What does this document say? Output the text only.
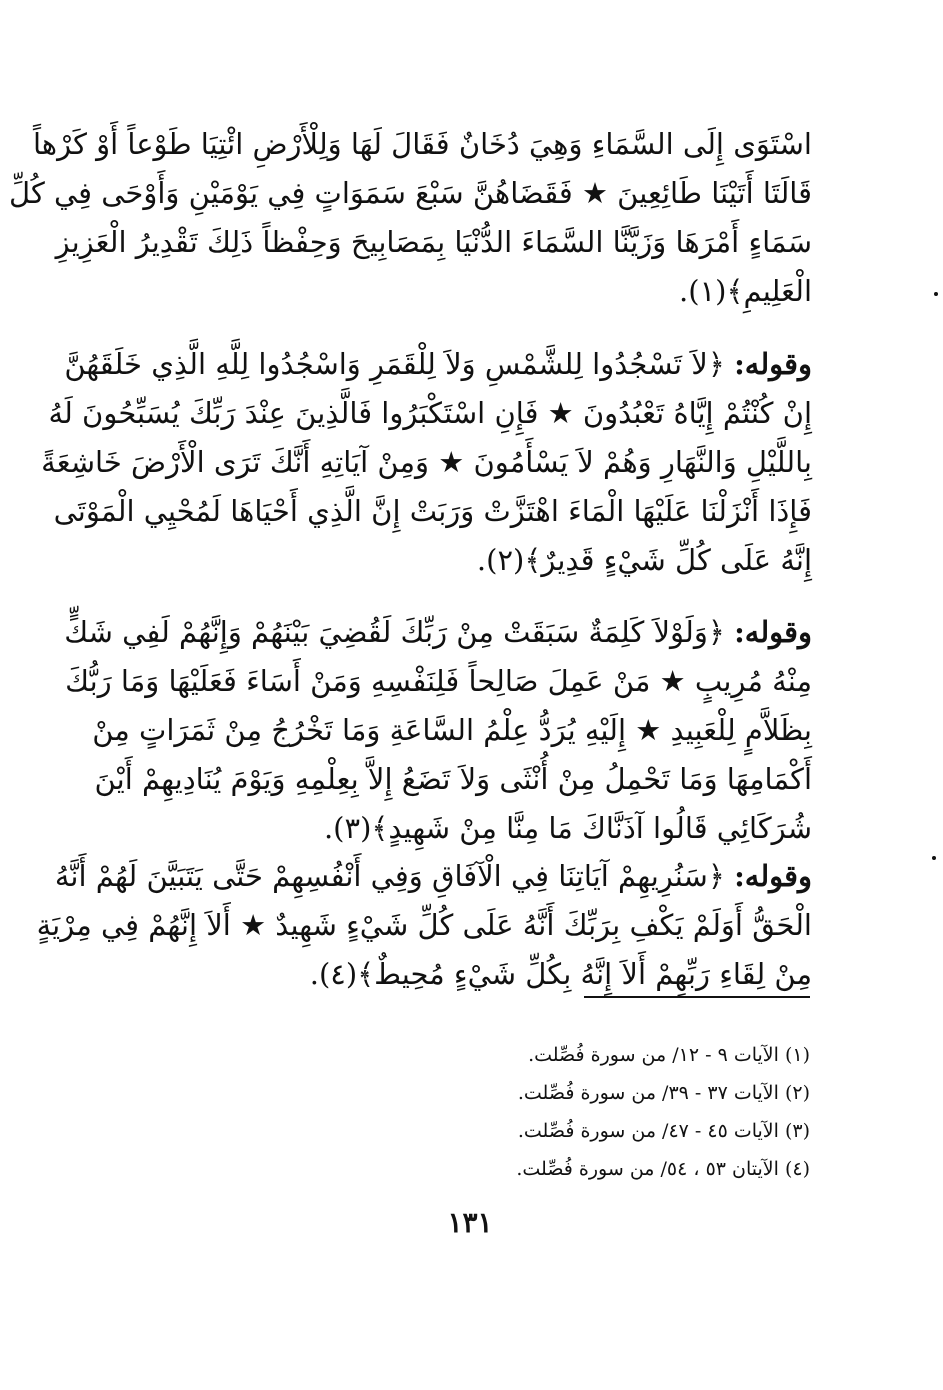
اسْتَوَى إِلَى السَّمَاءِ وَهِيَ دُخَانٌ فَقَالَ لَهَا وَلِلْأَرْضِ ائْتِيَا طَوْعاً أَوْ كَرْهاً
قَالَتَا أَتَيْنَا طَائِعِينَ ★ فَقَضَاهُنَّ سَبْعَ سَمَوَاتٍ فِي يَوْمَيْنِ وَأَوْحَى فِي كُلِّ
سَمَاءٍ أَمْرَهَا وَزَيَّنَّا السَّمَاءَ الدُّنْيَا بِمَصَابِيحَ وَحِفْظاً ذَلِكَ تَقْدِيرُ الْعَزِيزِ
الْعَلِيمِ﴾(١).
وقوله: ﴿لاَ تَسْجُدُوا لِلشَّمْسِ وَلاَ لِلْقَمَرِ وَاسْجُدُوا لِلَّهِ الَّذِي خَلَقَهُنَّ
إِنْ كُنْتُمْ إِيَّاهُ تَعْبُدُونَ ★ فَإِنِ اسْتَكْبَرُوا فَالَّذِينَ عِنْدَ رَبِّكَ يُسَبِّحُونَ لَهُ
بِاللَّيْلِ وَالنَّهَارِ وَهُمْ لاَ يَسْأَمُونَ ★ وَمِنْ آيَاتِهِ أَنَّكَ تَرَى الْأَرْضَ خَاشِعَةً
فَإِذَا أَنْزَلْنَا عَلَيْهَا الْمَاءَ اهْتَزَّتْ وَرَبَتْ إِنَّ الَّذِي أَحْيَاهَا لَمُحْيِي الْمَوْتَى
إِنَّهُ عَلَى كُلِّ شَيْءٍ قَدِيرٌ﴾(٢).
وقوله: ﴿وَلَوْلاَ كَلِمَةٌ سَبَقَتْ مِنْ رَبِّكَ لَقُضِيَ بَيْنَهُمْ وَإِنَّهُمْ لَفِي شَكٍّ
مِنْهُ مُرِيبٍ ★ مَنْ عَمِلَ صَالِحاً فَلِنَفْسِهِ وَمَنْ أَسَاءَ فَعَلَيْهَا وَمَا رَبُّكَ
بِظَلاَّمٍ لِلْعَبِيدِ ★ إِلَيْهِ يُرَدُّ عِلْمُ السَّاعَةِ وَمَا تَخْرُجُ مِنْ ثَمَرَاتٍ مِنْ
أَكْمَامِهَا وَمَا تَحْمِلُ مِنْ أُنْثَى وَلاَ تَضَعُ إِلاَّ بِعِلْمِهِ وَيَوْمَ يُنَادِيهِمْ أَيْنَ
شُرَكَائِي قَالُوا آذَنَّاكَ مَا مِنَّا مِنْ شَهِيدٍ﴾(٣).
وقوله: ﴿سَنُرِيهِمْ آيَاتِنَا فِي الْآفَاقِ وَفِي أَنْفُسِهِمْ حَتَّى يَتَبَيَّنَ لَهُمْ أَنَّهُ
الْحَقُّ أَوَلَمْ يَكْفِ بِرَبِّكَ أَنَّهُ عَلَى كُلِّ شَيْءٍ شَهِيدٌ ★ أَلاَ إِنَّهُمْ فِي مِرْيَةٍ
مِنْ لِقَاءِ رَبِّهِمْ أَلاَ إِنَّهُ بِكُلِّ شَيْءٍ مُحِيطٌ﴾(٤).
(١) الآيات ٩ - ١٢/ من سورة فُصِّلت.
(٢) الآيات ٣٧ - ٣٩/ من سورة فُصِّلت.
(٣) الآيات ٤٥ - ٤٧/ من سورة فُصِّلت.
(٤) الآيتان ٥٣ ، ٥٤/ من سورة فُصِّلت.
١٣١
